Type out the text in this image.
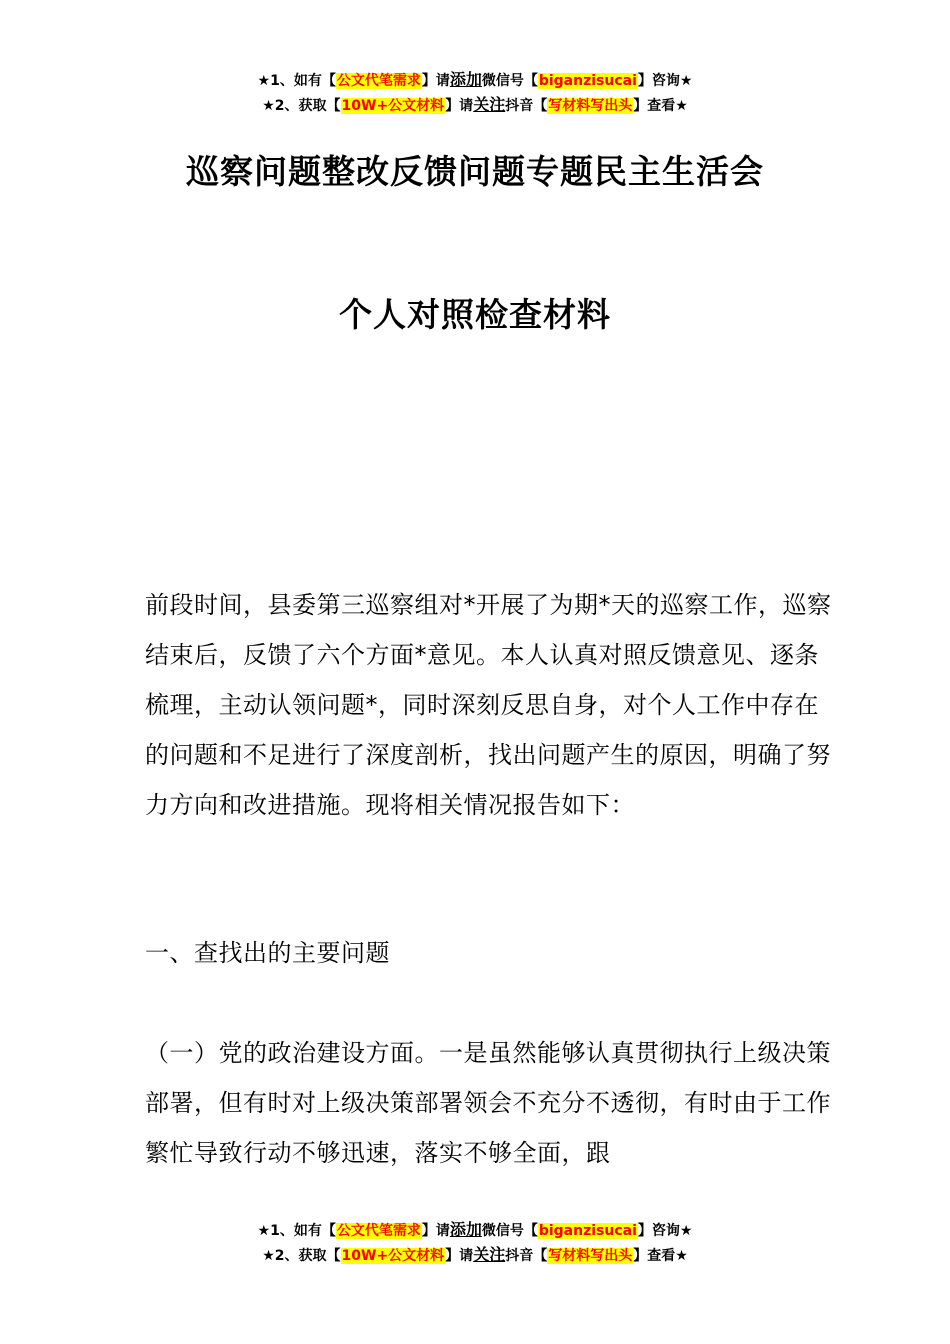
★1、如有【公文代笔需求】请添加微信号【biganzisucai】咨询★
★2、获取【10W+公文材料】请关注抖音【写材料写出头】查看★
巡察问题整改反馈问题专题民主生活会
个人对照检查材料
前段时间，县委第三巡察组对*开展了为期*天的巡察工作，巡察结束后，反馈了六个方面*意见。本人认真对照反馈意见、逐条梳理，主动认领问题*，同时深刻反思自身，对个人工作中存在的问题和不足进行了深度剖析，找出问题产生的原因，明确了努力方向和改进措施。现将相关情况报告如下：
一、查找出的主要问题
（一）党的政治建设方面。一是虽然能够认真贯彻执行上级决策部署，但有时对上级决策部署领会不充分不透彻，有时由于工作繁忙导致行动不够迅速，落实不够全面，跟
★1、如有【公文代笔需求】请添加微信号【biganzisucai】咨询★
★2、获取【10W+公文材料】请关注抖音【写材料写出头】查看★
